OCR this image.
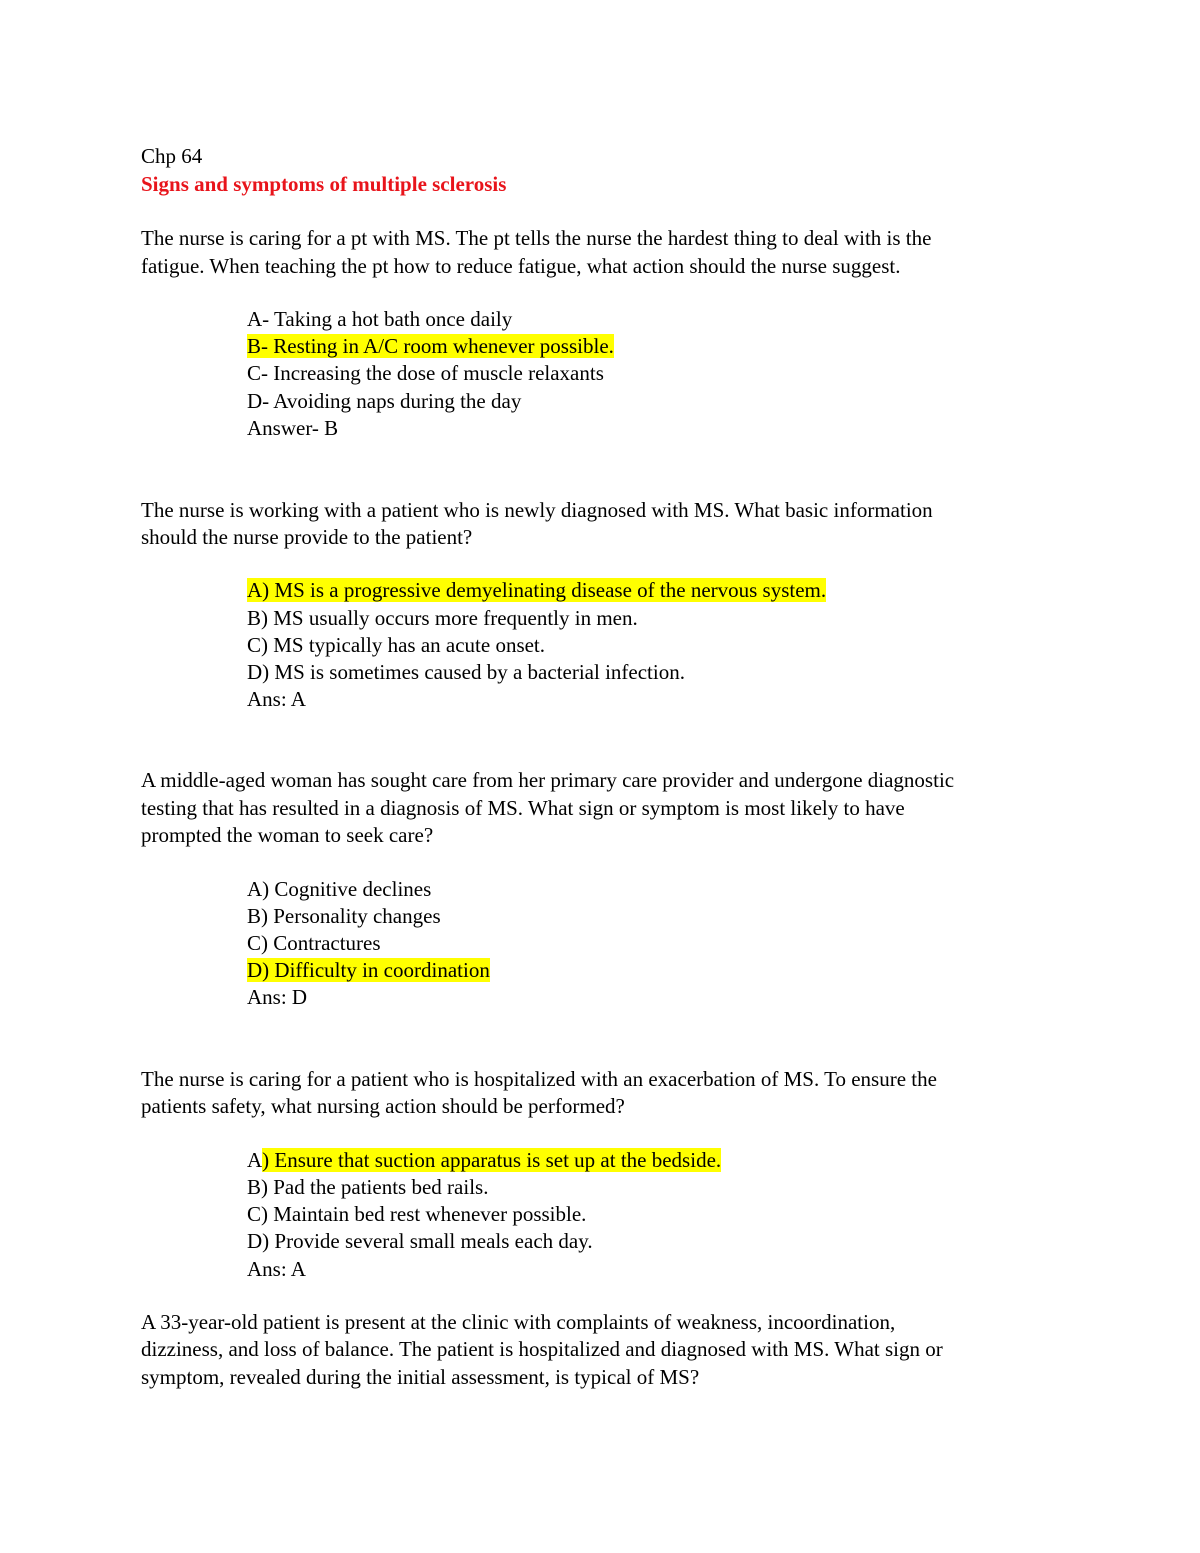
Chp 64
Signs and symptoms of multiple sclerosis
The nurse is caring for a pt with MS. The pt tells the nurse the hardest thing to deal with is the
fatigue. When teaching the pt how to reduce fatigue, what action should the nurse suggest.
A- Taking a hot bath once daily
B- Resting in A/C room whenever possible.
C- Increasing the dose of muscle relaxants
D- Avoiding naps during the day
Answer- B
The nurse is working with a patient who is newly diagnosed with MS. What basic information
should the nurse provide to the patient?
A) MS is a progressive demyelinating disease of the nervous system.
B) MS usually occurs more frequently in men.
C) MS typically has an acute onset.
D) MS is sometimes caused by a bacterial infection.
Ans: A
A middle-aged woman has sought care from her primary care provider and undergone diagnostic
testing that has resulted in a diagnosis of MS. What sign or symptom is most likely to have
prompted the woman to seek care?
A) Cognitive declines
B) Personality changes
C) Contractures
D) Difficulty in coordination
Ans: D
The nurse is caring for a patient who is hospitalized with an exacerbation of MS. To ensure the
patients safety, what nursing action should be performed?
A) Ensure that suction apparatus is set up at the bedside.
B) Pad the patients bed rails.
C) Maintain bed rest whenever possible.
D) Provide several small meals each day.
Ans: A
A 33-year-old patient is present at the clinic with complaints of weakness, incoordination,
dizziness, and loss of balance. The patient is hospitalized and diagnosed with MS. What sign or
symptom, revealed during the initial assessment, is typical of MS?
